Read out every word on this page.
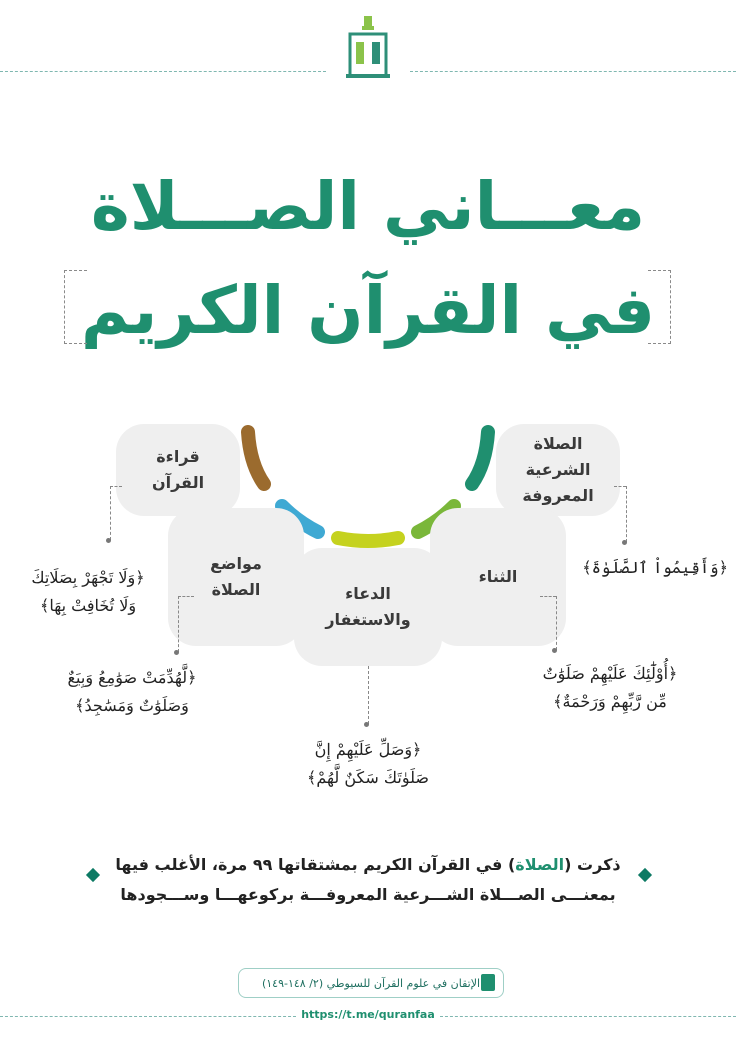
معـــاني الصـــلاة
في القرآن الكريم
الصلاة
الشرعية
المعروفة
الثناء
الدعاء
والاستغفار
مواضع
الصلاة
قراءة
القرآن
﴿وَأَقِيمُواْ ٱلصَّلَوٰةَ﴾
﴿أُوْلَٰٓئِكَ عَلَيْهِمْ صَلَوَٰتٌ
مِّن رَّبِّهِمْ وَرَحْمَةٌ﴾
﴿وَصَلِّ عَلَيْهِمْ إِنَّ
صَلَوٰتَكَ سَكَنٌ لَّهُمْ﴾
﴿لَّهُدِّمَتْ صَوَٰمِعُ وَبِيَعٌ
وَصَلَوَٰتٌ وَمَسَٰجِدُ﴾
﴿وَلَا تَجْهَرْ بِصَلَاتِكَ
وَلَا تُخَافِتْ بِهَا﴾
ذكرت (الصلاة) في القرآن الكريم بمشتقاتها ٩٩ مرة، الأغلب فيها
بمعنـــى الصـــلاة الشـــرعية المعروفـــة بركوعهـــا وســـجودها
الإتقان في علوم القرآن للسيوطي (٢/ ١٤٨-١٤٩)
https://t.me/quranfaa
